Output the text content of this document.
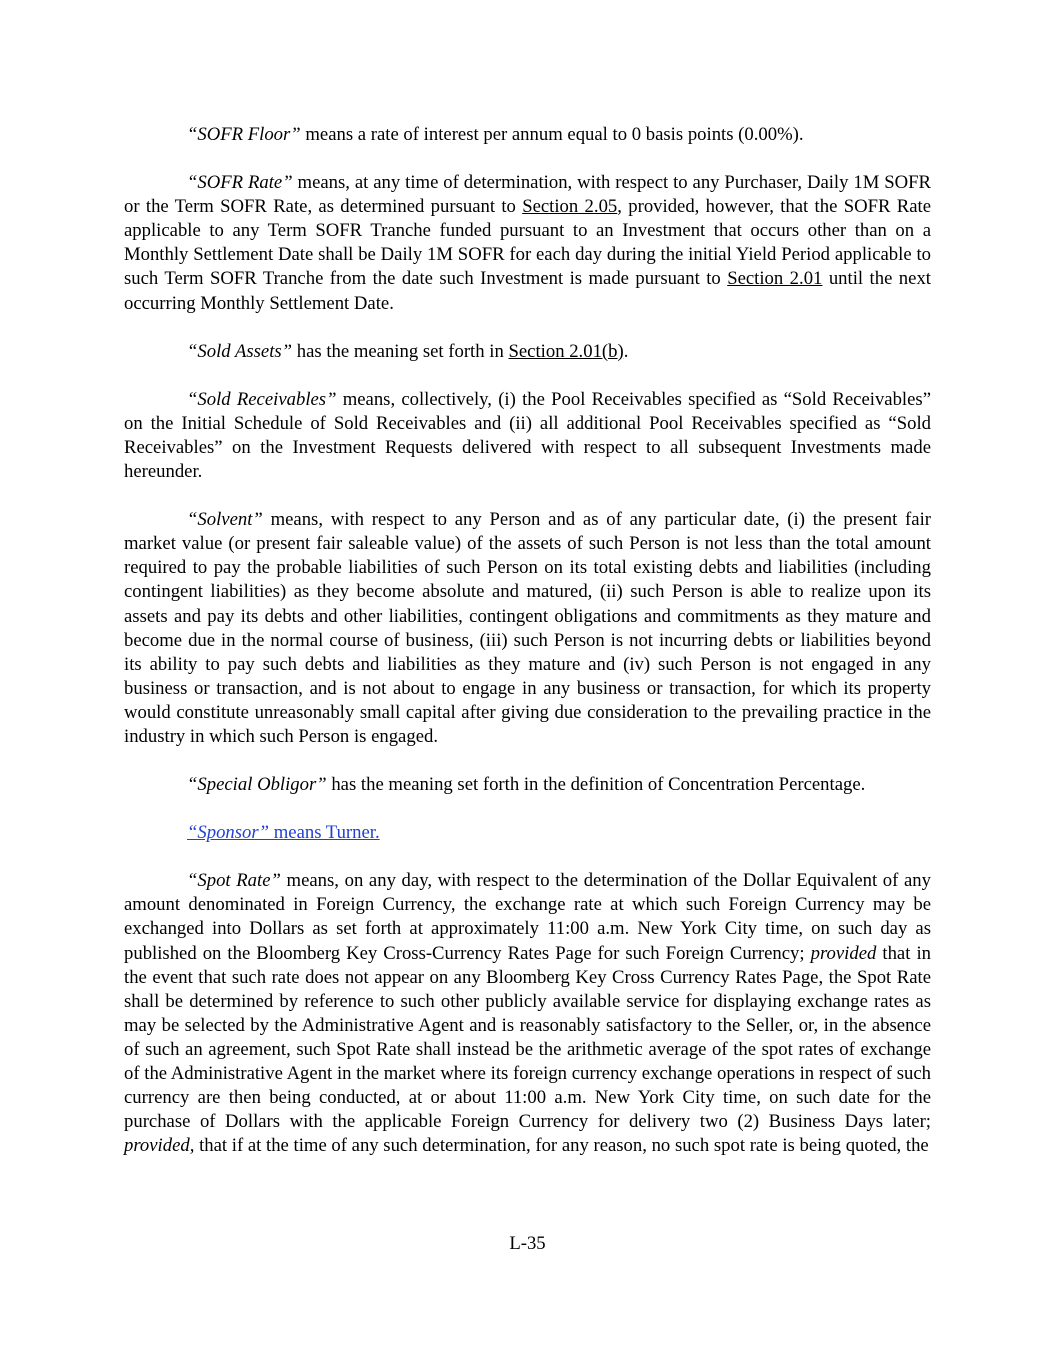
“SOFR Floor” means a rate of interest per annum equal to 0 basis points (0.00%).

“SOFR Rate” means, at any time of determination, with respect to any Purchaser, Daily 1M SOFR or the Term SOFR Rate, as determined pursuant to Section 2.05, provided, however, that the SOFR Rate applicable to any Term SOFR Tranche funded pursuant to an Investment that occurs other than on a Monthly Settlement Date shall be Daily 1M SOFR for each day during the initial Yield Period applicable to such Term SOFR Tranche from the date such Investment is made pursuant to Section 2.01 until the next occurring Monthly Settlement Date.

“Sold Assets” has the meaning set forth in Section 2.01(b).

“Sold Receivables” means, collectively, (i) the Pool Receivables specified as “Sold Receivables” on the Initial Schedule of Sold Receivables and (ii) all additional Pool Receivables specified as “Sold Receivables” on the Investment Requests delivered with respect to all subsequent Investments made hereunder.

“Solvent” means, with respect to any Person and as of any particular date, (i) the present fair market value (or present fair saleable value) of the assets of such Person is not less than the total amount required to pay the probable liabilities of such Person on its total existing debts and liabilities (including contingent liabilities) as they become absolute and matured, (ii) such Person is able to realize upon its assets and pay its debts and other liabilities, contingent obligations and commitments as they mature and become due in the normal course of business, (iii) such Person is not incurring debts or liabilities beyond its ability to pay such debts and liabilities as they mature and (iv) such Person is not engaged in any business or transaction, and is not about to engage in any business or transaction, for which its property would constitute unreasonably small capital after giving due consideration to the prevailing practice in the industry in which such Person is engaged.

“Special Obligor” has the meaning set forth in the definition of Concentration Percentage.

“Sponsor” means Turner.

“Spot Rate” means, on any day, with respect to the determination of the Dollar Equivalent of any amount denominated in Foreign Currency, the exchange rate at which such Foreign Currency may be exchanged into Dollars as set forth at approximately 11:00 a.m. New York City time, on such day as published on the Bloomberg Key Cross-Currency Rates Page for such Foreign Currency; provided that in the event that such rate does not appear on any Bloomberg Key Cross Currency Rates Page, the Spot Rate shall be determined by reference to such other publicly available service for displaying exchange rates as may be selected by the Administrative Agent and is reasonably satisfactory to the Seller, or, in the absence of such an agreement, such Spot Rate shall instead be the arithmetic average of the spot rates of exchange of the Administrative Agent in the market where its foreign currency exchange operations in respect of such currency are then being conducted, at or about 11:00 a.m. New York City time, on such date for the purchase of Dollars with the applicable Foreign Currency for delivery two (2) Business Days later; provided, that if at the time of any such determination, for any reason, no such spot rate is being quoted, the

L-35
